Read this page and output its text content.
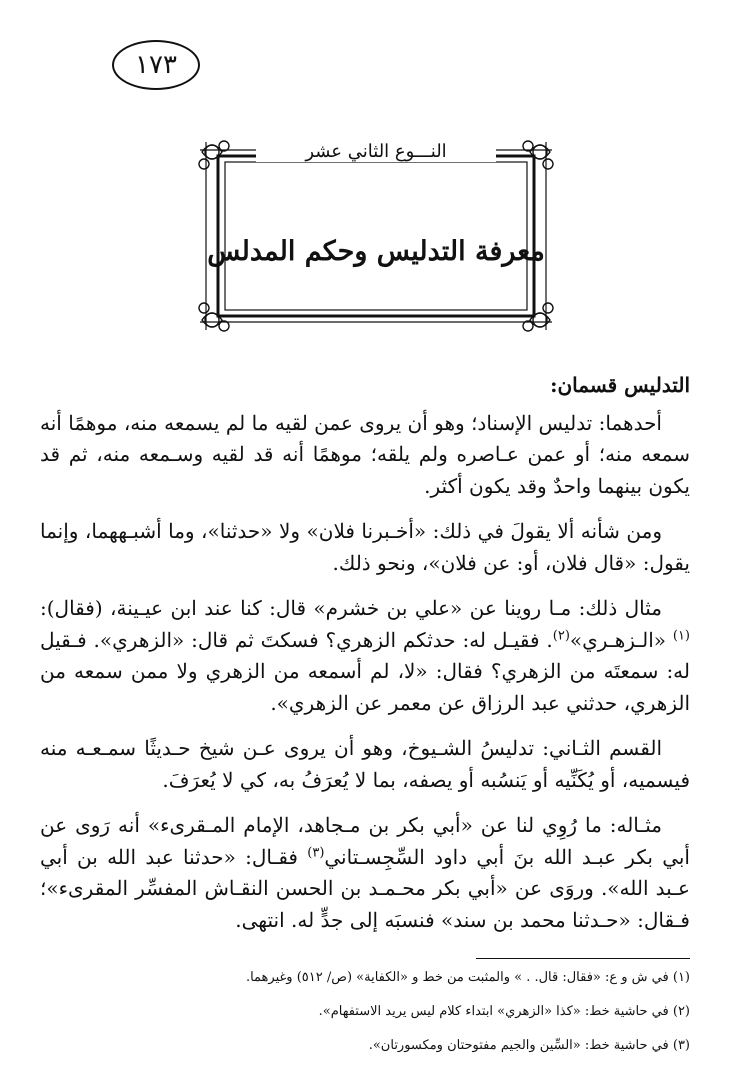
١٧٣
النـــوع الثاني عشر
معرفة التدليس وحكم المدلس
التدليس قسمان:

أحدهما: تدليس الإسناد؛ وهو أن يروى عمن لقيه ما لم يسمعه منه، موهمًا أنه سمعه منه؛ أو عمن عـاصره ولم يلقه؛ موهمًا أنه قد لقيه وسـمعه منه، ثم قد يكون بينهما واحدٌ وقد يكون أكثر.

ومن شأنه ألا يقولَ في ذلك: «أخـبرنا فلان» ولا «حدثنا»، وما أشبـههما، وإنما يقول: «قال فلان، أو: عن فلان»، ونحو ذلك.

مثال ذلك: مـا روينا عن «علي بن خشرم» قال: كنا عند ابن عيـينة، (فقال):$^{(١)}$ «الـزهـري»$^{(٢)}$. فقيـل له: حدثكم الزهري؟ فسكتَ ثم قال: «الزهري». فـقيل له: سمعتَه من الزهري؟ فقال: «لا، لم أسمعه من الزهري ولا ممن سمعه من الزهري، حدثني عبد الرزاق عن معمر عن الزهري».

القسم الثـاني: تدليسُ الشـيوخ، وهو أن يروى عـن شيخ حـديثًا سمـعـه منه فيسميه، أو يُكَنِّيه أو يَنسُبه أو يصفه، بما لا يُعرَفُ به، كي لا يُعرَفَ.

مثـاله: ما رُوِي لنا عن «أبي بكر بن مـجاهد، الإمام المـقرىء» أنه رَوى عن أبي بكر عبـد الله بنَ أبي داود السِّجِسـتاني$^{(٣)}$ فقـال: «حدثنا عبد الله بن أبي عـبد الله». وروَى عن «أبي بكر محـمـد بن الحسن النقـاش المفسِّر المقرىء»؛ فـقال: «حـدثنا محمد بن سند» فنسبَه إلى جدٍّ له. انتهى.

(١) في ش و ع: «فقال: قال. . » والمثبت من خط و «الكفاية» (ص/ ٥١٢) وغيرهما.
(٢) في حاشية خط: «كذا «الزهري» ابتداء كلام ليس يريد الاستفهام».
(٣) في حاشية خط: «السِّين والجيم مفتوحتان ومكسورتان».
